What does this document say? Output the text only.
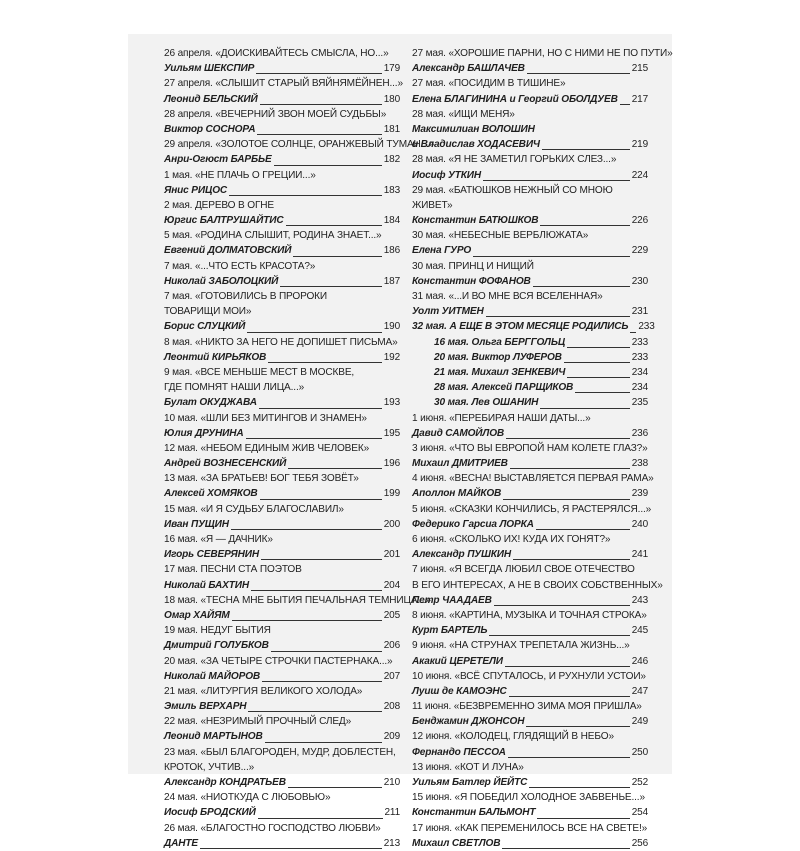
26 апреля. «ДОИСКИВАЙТЕСЬ СМЫСЛА, НО...»
Уильям ШЕКСПИР	179
27 апреля. «СЛЫШИТ СТАРЫЙ ВЯЙНЯМЁЙНЕН...»
Леонид БЕЛЬСКИЙ	180
28 апреля. «ВЕЧЕРНИЙ ЗВОН МОЕЙ СУДЬБЫ»
Виктор СОСНОРА	181
29 апреля. «ЗОЛОТОЕ СОЛНЦЕ, ОРАНЖЕВЫЙ ТУМАН...»
Анри-Огюст БАРБЬЕ	182
1 мая. «НЕ ПЛАЧЬ О ГРЕЦИИ...»
Янис РИЦОС	183
2 мая. ДЕРЕВО В ОГНЕ
Юргис БАЛТРУШАЙТИС	184
5 мая. «РОДИНА СЛЫШИТ, РОДИНА ЗНАЕТ...»
Евгений ДОЛМАТОВСКИЙ	186
7 мая. «...ЧТО ЕСТЬ КРАСОТА?»
Николай ЗАБОЛОЦКИЙ	187
7 мая. «ГОТОВИЛИСЬ В ПРОРОКИ
ТОВАРИЩИ МОИ»
Борис СЛУЦКИЙ	190
8 мая. «НИКТО ЗА НЕГО НЕ ДОПИШЕТ ПИСЬМА»
Леонтий КИРЬЯКОВ	192
9 мая. «ВСЕ МЕНЬШЕ МЕСТ В МОСКВЕ,
ГДЕ ПОМНЯТ НАШИ ЛИЦА...»
Булат ОКУДЖАВА	193
10 мая. «ШЛИ БЕЗ МИТИНГОВ И ЗНАМЕН»
Юлия ДРУНИНА	195
12 мая. «НЕБОМ ЕДИНЫМ ЖИВ ЧЕЛОВЕК»
Андрей ВОЗНЕСЕНСКИЙ	196
13 мая. «ЗА БРАТЬЕВ! БОГ ТЕБЯ ЗОВЁТ»
Алексей ХОМЯКОВ	199
15 мая. «И Я СУДЬБУ БЛАГОСЛАВИЛ»
Иван ПУЩИН	200
16 мая. «Я — ДАЧНИК»
Игорь СЕВЕРЯНИН	201
17 мая. ПЕСНИ СТА ПОЭТОВ
Николай БАХТИН	204
18 мая. «ТЕСНА МНЕ БЫТИЯ ПЕЧАЛЬНАЯ ТЕМНИЦА...»
Омар ХАЙЯМ	205
19 мая. НЕДУГ БЫТИЯ
Дмитрий ГОЛУБКОВ	206
20 мая. «ЗА ЧЕТЫРЕ СТРОЧКИ ПАСТЕРНАКА...»
Николай МАЙОРОВ	207
21 мая. «ЛИТУРГИЯ ВЕЛИКОГО ХОЛОДА»
Эмиль ВЕРХАРН	208
22 мая. «НЕЗРИМЫЙ ПРОЧНЫЙ СЛЕД»
Леонид МАРТЫНОВ	209
23 мая. «БЫЛ БЛАГОРОДЕН, МУДР, ДОБЛЕСТЕН,
КРОТОК, УЧТИВ...»
Александр КОНДРАТЬЕВ	210
24 мая. «НИОТКУДА С ЛЮБОВЬЮ»
Иосиф БРОДСКИЙ	211
26 мая. «БЛАГОСТНО ГОСПОДСТВО ЛЮБВИ»
ДАНТЕ	213
27 мая. «ХОРОШИЕ ПАРНИ, НО С НИМИ НЕ ПО ПУТИ»
Александр БАШЛАЧЕВ	215
27 мая. «ПОСИДИМ В ТИШИНЕ»
Елена БЛАГИНИНА и Георгий ОБОЛДУЕВ 217
28 мая. «ИЩИ МЕНЯ»
Максимилиан ВОЛОШИН
и Владислав ХОДАСЕВИЧ	219
28 мая. «Я НЕ ЗАМЕТИЛ ГОРЬКИХ СЛЕЗ...»
Иосиф УТКИН	224
29 мая. «БАТЮШКОВ НЕЖНЫЙ СО МНОЮ
ЖИВЕТ»
Константин БАТЮШКОВ	226
30 мая. «НЕБЕСНЫЕ ВЕРБЛЮЖАТА»
Елена ГУРО	229
30 мая. ПРИНЦ И НИЩИЙ
Константин ФОФАНОВ	230
31 мая. «...И ВО МНЕ ВСЯ ВСЕЛЕННАЯ»
Уолт УИТМЕН	231
32 мая. А ЕЩЕ В ЭТОМ МЕСЯЦЕ РОДИЛИСЬ 233
16 мая. Ольга БЕРГГОЛЬЦ	233
20 мая. Виктор ЛУФЕРОВ	233
21 мая. Михаил ЗЕНКЕВИЧ	234
28 мая. Алексей ПАРЩИКОВ	234
30 мая. Лев ОШАНИН	235
1 июня. «ПЕРЕБИРАЯ НАШИ ДАТЫ...»
Давид САМОЙЛОВ	236
3 июня. «ЧТО ВЫ ЕВРОПОЙ НАМ КОЛЕТЕ ГЛАЗ?»
Михаил ДМИТРИЕВ	238
4 июня. «ВЕСНА! ВЫСТАВЛЯЕТСЯ ПЕРВАЯ РАМА»
Аполлон МАЙКОВ	239
5 июня. «СКАЗКИ КОНЧИЛИСЬ, Я РАСТЕРЯЛСЯ...»
Федерико Гарсиа ЛОРКА	240
6 июня. «СКОЛЬКО ИХ! КУДА ИХ ГОНЯТ?»
Александр ПУШКИН	241
7 июня. «Я ВСЕГДА ЛЮБИЛ СВОЕ ОТЕЧЕСТВО
В ЕГО ИНТЕРЕСАХ, А НЕ В СВОИХ СОБСТВЕННЫХ»
Петр ЧААДАЕВ	243
8 июня. «КАРТИНА, МУЗЫКА И ТОЧНАЯ СТРОКА»
Курт БАРТЕЛЬ	245
9 июня. «НА СТРУНАХ ТРЕПЕТАЛА ЖИЗНЬ...»
Акакий ЦЕРЕТЕЛИ	246
10 июня. «ВСЁ СПУТАЛОСЬ, И РУХНУЛИ УСТОИ»
Луиш де КАМОЭНС	247
11 июня. «БЕЗВРЕМЕННО ЗИМА МОЯ ПРИШЛА»
Бенджамин ДЖОНСОН	249
12 июня. «КОЛОДЕЦ, ГЛЯДЯЩИЙ В НЕБО»
Фернандо ПЕССОА	250
13 июня. «КОТ И ЛУНА»
Уильям Батлер ЙЕЙТС	252
15 июня. «Я ПОБЕДИЛ ХОЛОДНОЕ ЗАБВЕНЬЕ...»
Константин БАЛЬМОНТ	254
17 июня. «КАК ПЕРЕМЕНИЛОСЬ ВСЕ НА СВЕТЕ!»
Михаил СВЕТЛОВ	256
